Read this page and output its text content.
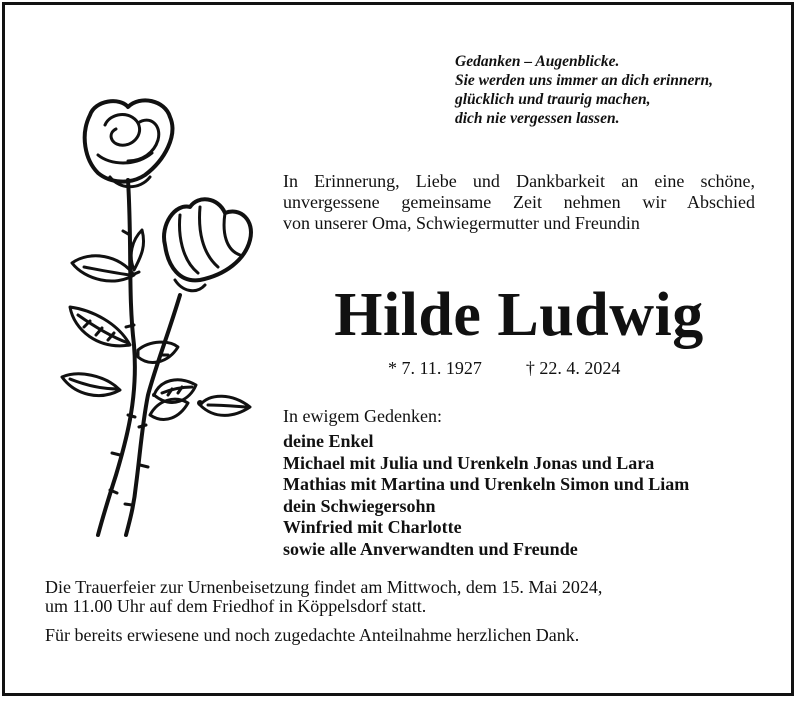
Gedanken – Augenblicke.
Sie werden uns immer an dich erinnern,
glücklich und traurig machen,
dich nie vergessen lassen.
In Erinnerung, Liebe und Dankbarkeit an eine schöne,
unvergessene gemeinsame Zeit nehmen wir Abschied
von unserer Oma, Schwiegermutter und Freundin
Hilde Ludwig
* 7. 11. 1927 † 22. 4. 2024
In ewigem Gedenken:
deine Enkel
Michael mit Julia und Urenkeln Jonas und Lara
Mathias mit Martina und Urenkeln Simon und Liam
dein Schwiegersohn
Winfried mit Charlotte
sowie alle Anverwandten und Freunde
Die Trauerfeier zur Urnenbeisetzung findet am Mittwoch, dem 15. Mai 2024,
um 11.00 Uhr auf dem Friedhof in Köppelsdorf statt.
Für bereits erwiesene und noch zugedachte Anteilnahme herzlichen Dank.
